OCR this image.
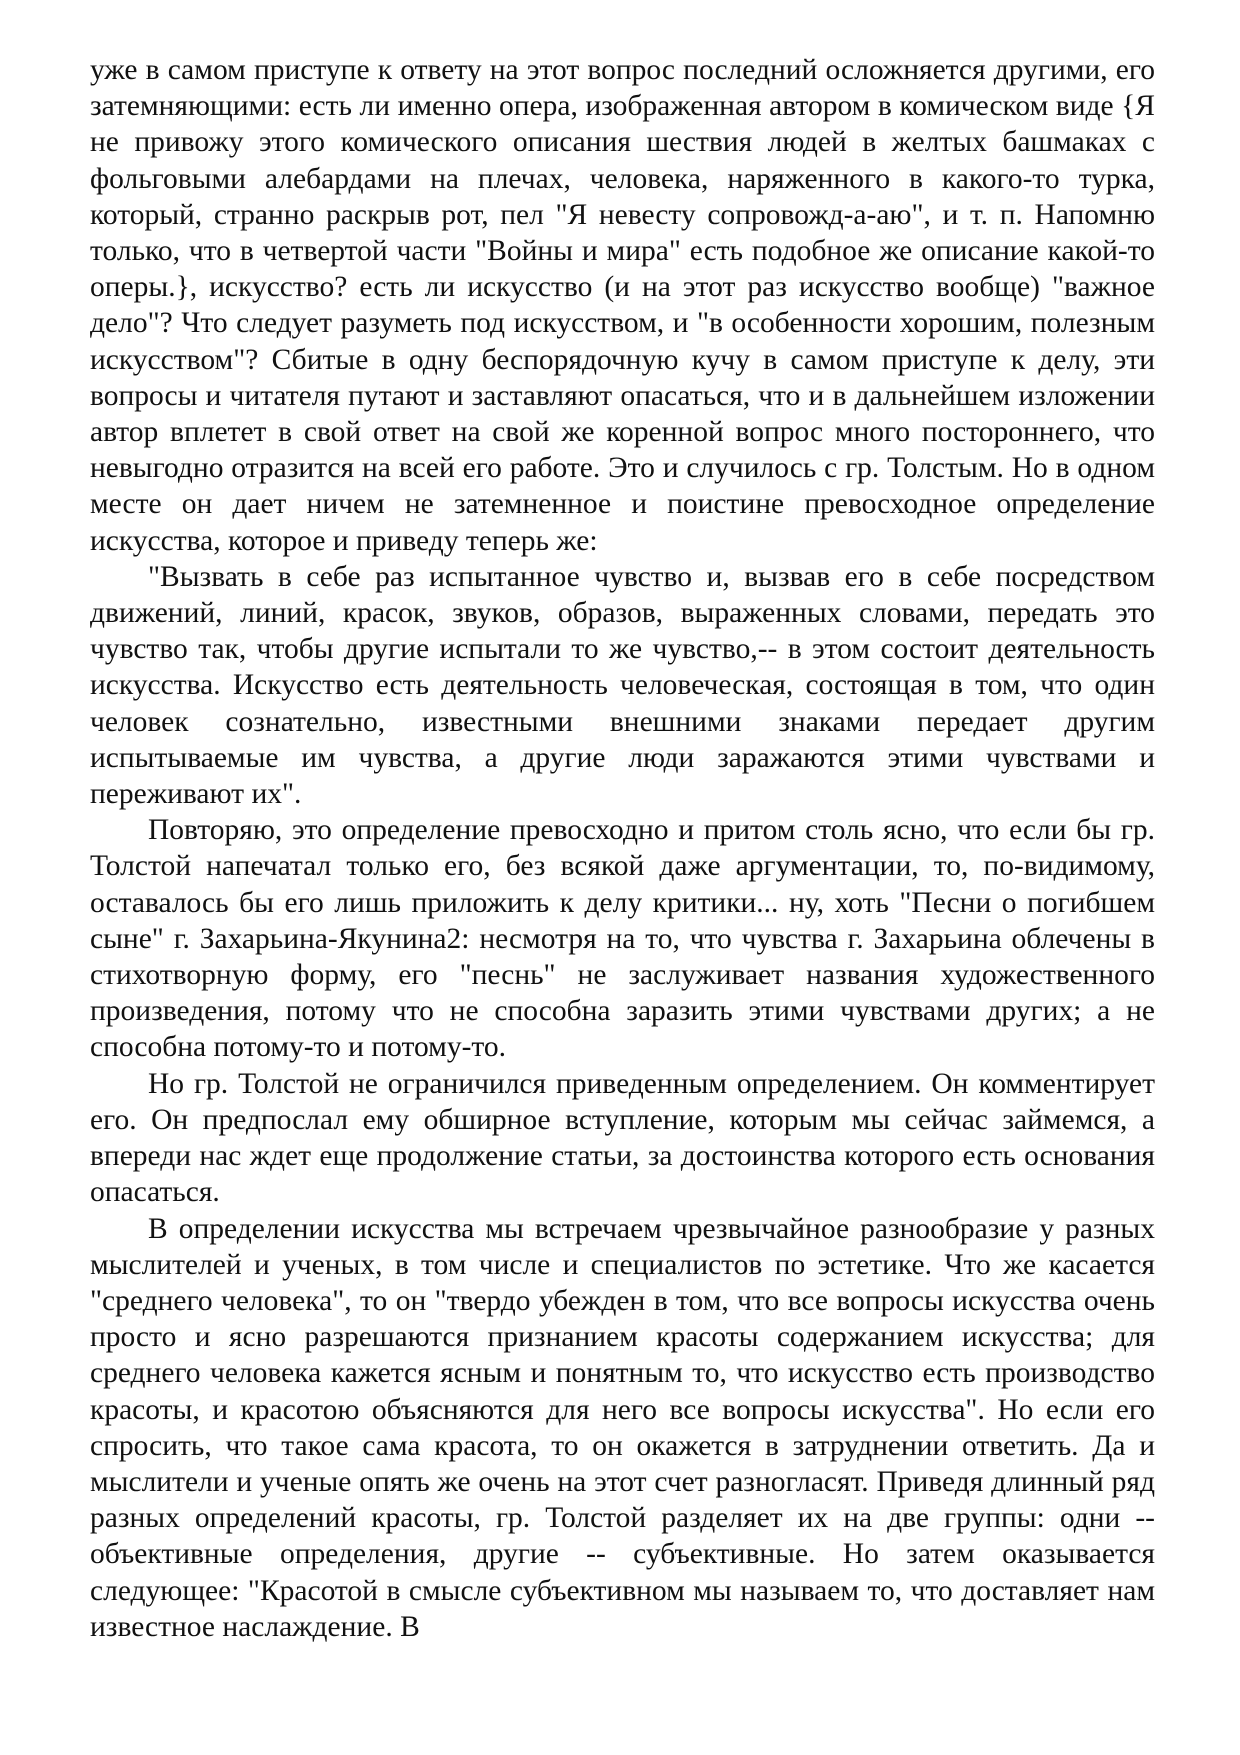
уже в самом приступе к ответу на этот вопрос последний осложняется другими, его затемняющими: есть ли именно опера, изображенная автором в комическом виде {Я не привожу этого комического описания шествия людей в желтых башмаках с фольговыми алебардами на плечах, человека, наряженного в какого-то турка, который, странно раскрыв рот, пел "Я невесту сопровожд-а-аю", и т. п. Напомню только, что в четвертой части "Войны и мира" есть подобное же описание какой-то оперы.}, искусство? есть ли искусство (и на этот раз искусство вообще) "важное дело"? Что следует разуметь под искусством, и "в особенности хорошим, полезным искусством"? Сбитые в одну беспорядочную кучу в самом приступе к делу, эти вопросы и читателя путают и заставляют опасаться, что и в дальнейшем изложении автор вплетет в свой ответ на свой же коренной вопрос много постороннего, что невыгодно отразится на всей его работе. Это и случилось с гр. Толстым. Но в одном месте он дает ничем не затемненное и поистине превосходное определение искусства, которое и приведу теперь же:

"Вызвать в себе раз испытанное чувство и, вызвав его в себе посредством движений, линий, красок, звуков, образов, выраженных словами, передать это чувство так, чтобы другие испытали то же чувство,-- в этом состоит деятельность искусства. Искусство есть деятельность человеческая, состоящая в том, что один человек сознательно, известными внешними знаками передает другим испытываемые им чувства, а другие люди заражаются этими чувствами и переживают их".

Повторяю, это определение превосходно и притом столь ясно, что если бы гр. Толстой напечатал только его, без всякой даже аргументации, то, по-видимому, оставалось бы его лишь приложить к делу критики... ну, хоть "Песни о погибшем сыне" г. Захарьина-Якунина2: несмотря на то, что чувства г. Захарьина облечены в стихотворную форму, его "песнь" не заслуживает названия художественного произведения, потому что не способна заразить этими чувствами других; а не способна потому-то и потому-то.

Но гр. Толстой не ограничился приведенным определением. Он комментирует его. Он предпослал ему обширное вступление, которым мы сейчас займемся, а впереди нас ждет еще продолжение статьи, за достоинства которого есть основания опасаться.

В определении искусства мы встречаем чрезвычайное разнообразие у разных мыслителей и ученых, в том числе и специалистов по эстетике. Что же касается "среднего человека", то он "твердо убежден в том, что все вопросы искусства очень просто и ясно разрешаются признанием красоты содержанием искусства; для среднего человека кажется ясным и понятным то, что искусство есть производство красоты, и красотою объясняются для него все вопросы искусства". Но если его спросить, что такое сама красота, то он окажется в затруднении ответить. Да и мыслители и ученые опять же очень на этот счет разногласят. Приведя длинный ряд разных определений красоты, гр. Толстой разделяет их на две группы: одни -- объективные определения, другие -- субъективные. Но затем оказывается следующее: "Красотой в смысле субъективном мы называем то, что доставляет нам известное наслаждение. В
